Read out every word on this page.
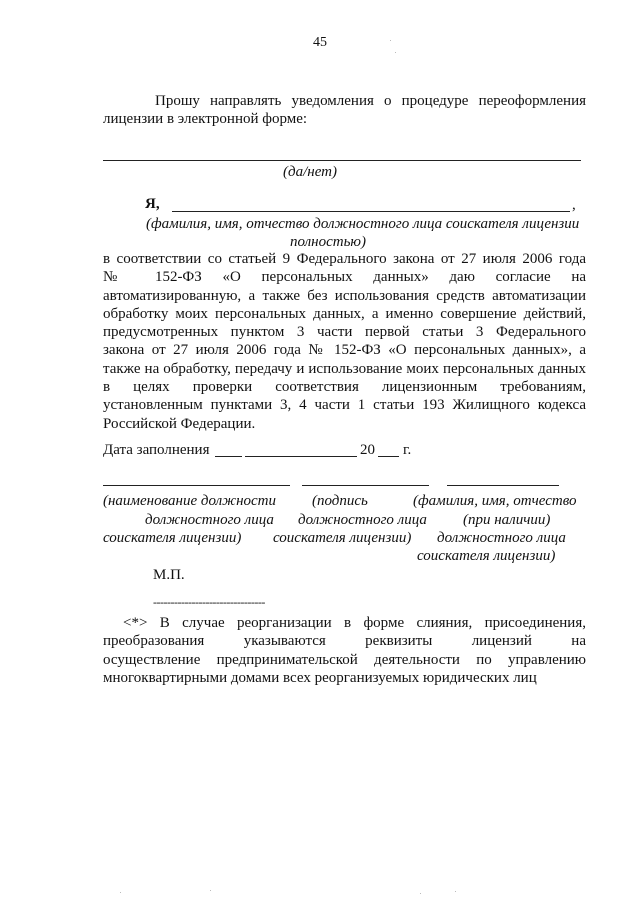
45
Прошу направлять уведомления о процедуре переоформления
лицензии в электронной форме:
(да/нет)
Я,	,
(фамилия, имя, отчество должностного лица соискателя лицензии
полностью)
в соответствии со статьей 9 Федерального закона от 27 июля 2006 года
№ 152-ФЗ «О персональных данных» даю согласие на
автоматизированную, а также без использования средств автоматизации
обработку моих персональных данных, а именно совершение действий,
предусмотренных пунктом 3 части первой статьи 3 Федерального
закона от 27 июля 2006 года № 152-ФЗ «О персональных данных», а
также на обработку, передачу и использование моих персональных данных
в целях проверки соответствия лицензионным требованиям,
установленным пунктами 3, 4 части 1 статьи 193 Жилищного кодекса
Российской Федерации.
Дата заполнения	20 г.
(наименование должности
должностного лица
соискателя лицензии)
(подпись
должностного лица
соискателя лицензии)
(фамилия, имя, отчество
(при наличии)
должностного лица
соискателя лицензии)
М.П.
--------------------------------
<*> В случае реорганизации в форме слияния, присоединения,
преобразования указываются реквизиты лицензий на
осуществление предпринимательской деятельности по управлению
многоквартирными домами всех реорганизуемых юридических лиц
